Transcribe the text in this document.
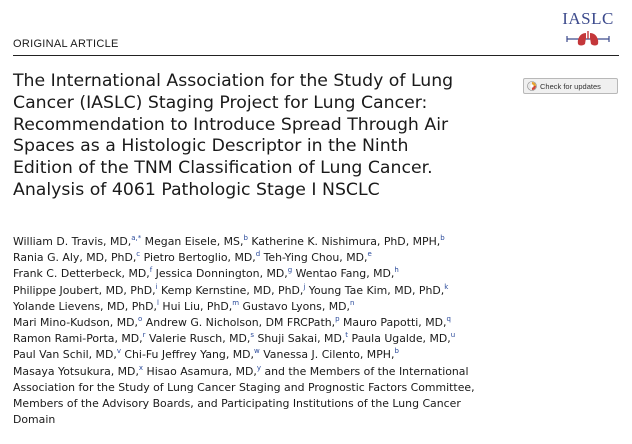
IASLC
ORIGINAL ARTICLE
The International Association for the Study of Lung
Cancer (IASLC) Staging Project for Lung Cancer:
Recommendation to Introduce Spread Through Air
Spaces as a Histologic Descriptor in the Ninth
Edition of the TNM Classification of Lung Cancer.
Analysis of 4061 Pathologic Stage I NSCLC
Check for updates

William D. Travis, MD,$^{a,*}$ Megan Eisele, MS,$^b$ Katherine K. Nishimura, PhD, MPH,$^b$
Rania G. Aly, MD, PhD,$^c$ Pietro Bertoglio, MD,$^d$ Teh-Ying Chou, MD,$^e$
Frank C. Detterbeck, MD,$^f$ Jessica Donnington, MD,$^g$ Wentao Fang, MD,$^h$
Philippe Joubert, MD, PhD,$^i$ Kemp Kernstine, MD, PhD,$^j$ Young Tae Kim, MD, PhD,$^k$
Yolande Lievens, MD, PhD,$^l$ Hui Liu, PhD,$^m$ Gustavo Lyons, MD,$^n$
Mari Mino-Kudson, MD,$^o$ Andrew G. Nicholson, DM FRCPath,$^p$ Mauro Papotti, MD,$^q$
Ramon Rami-Porta, MD,$^r$ Valerie Rusch, MD,$^s$ Shuji Sakai, MD,$^t$ Paula Ugalde, MD,$^u$
Paul Van Schil, MD,$^v$ Chi-Fu Jeffrey Yang, MD,$^w$ Vanessa J. Cilento, MPH,$^b$
Masaya Yotsukura, MD,$^x$ Hisao Asamura, MD,$^y$ and the Members of the International
Association for the Study of Lung Cancer Staging and Prognostic Factors Committee,
Members of the Advisory Boards, and Participating Institutions of the Lung Cancer
Domain
